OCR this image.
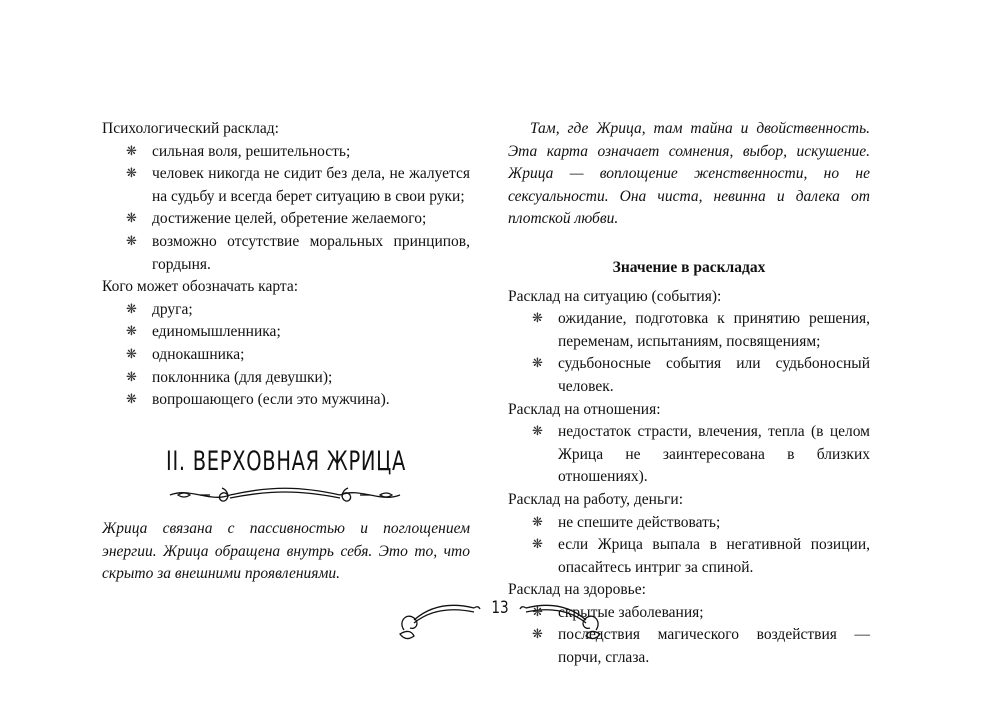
Психологический расклад:

❋ сильная воля, решительность;
❋ человек никогда не сидит без дела, не жалуется на судьбу и всегда берет ситуацию в свои руки;
❋ достижение целей, обретение желаемого;
❋ возможно отсутствие моральных принципов, гордыня.

Кого может обозначать карта:

❋ друга;
❋ единомышленника;
❋ однокашника;
❋ поклонника (для девушки);
❋ вопрошающего (если это мужчина).
II. ВЕРХОВНАЯ ЖРИЦА
Жрица связана с пассивностью и поглощением энергии. Жрица обращена внутрь себя. Это то, что скрыто за внешними проявлениями.

Там, где Жрица, там тайна и двойственность. Эта карта означает сомнения, выбор, искушение. Жрица — воплощение женственности, но не сексуальности. Она чиста, невинна и далека от плотской любви.

Значение в раскладах

Расклад на ситуацию (события):

❋ ожидание, подготовка к принятию решения, переменам, испытаниям, посвящениям;
❋ судьбоносные события или судьбоносный человек.

Расклад на отношения:

❋ недостаток страсти, влечения, тепла (в целом Жрица не заинтересована в близких отношениях).

Расклад на работу, деньги:

❋ не спешите действовать;
❋ если Жрица выпала в негативной позиции, опасайтесь интриг за спиной.

Расклад на здоровье:

❋ скрытые заболевания;
❋ последствия магического воздействия — порчи, сглаза.
13
